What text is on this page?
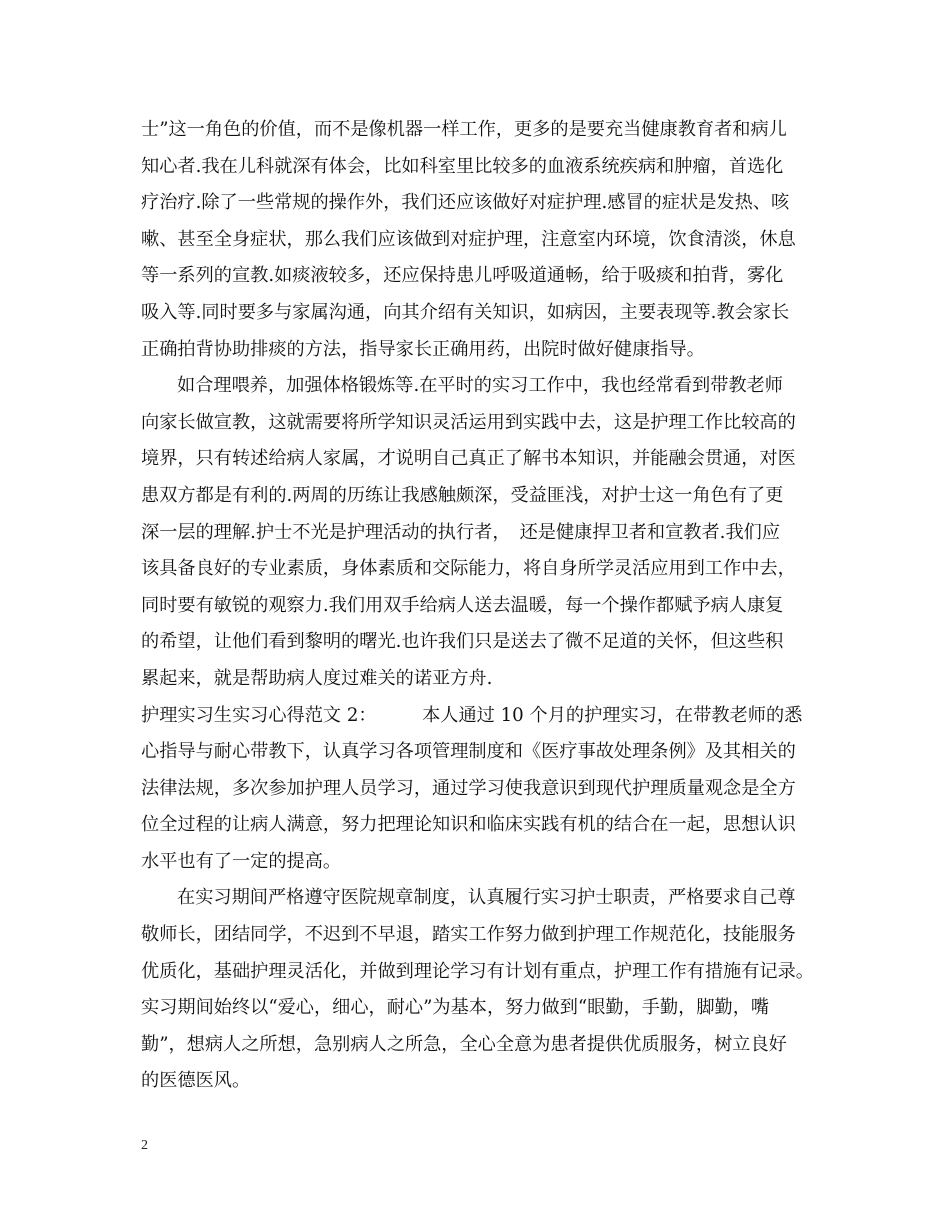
士”这一角色的价值，而不是像机器一样工作，更多的是要充当健康教育者和病儿
知心者.我在儿科就深有体会，比如科室里比较多的血液系统疾病和肿瘤，首选化
疗治疗.除了一些常规的操作外，我们还应该做好对症护理.感冒的症状是发热、咳
嗽、甚至全身症状，那么我们应该做到对症护理，注意室内环境，饮食清淡，休息
等一系列的宣教.如痰液较多，还应保持患儿呼吸道通畅，给于吸痰和拍背，雾化
吸入等.同时要多与家属沟通，向其介绍有关知识，如病因，主要表现等.教会家长
正确拍背协助排痰的方法，指导家长正确用药，出院时做好健康指导。
如合理喂养，加强体格锻炼等.在平时的实习工作中，我也经常看到带教老师
向家长做宣教，这就需要将所学知识灵活运用到实践中去，这是护理工作比较高的
境界，只有转述给病人家属，才说明自己真正了解书本知识，并能融会贯通，对医
患双方都是有利的.两周的历练让我感触颇深，受益匪浅，对护士这一角色有了更
深一层的理解.护士不光是护理活动的执行者，　还是健康捍卫者和宣教者.我们应
该具备良好的专业素质，身体素质和交际能力，将自身所学灵活应用到工作中去，
同时要有敏锐的观察力.我们用双手给病人送去温暖，每一个操作都赋予病人康复
的希望，让他们看到黎明的曙光.也许我们只是送去了微不足道的关怀，但这些积
累起来，就是帮助病人度过难关的诺亚方舟.
护理实习生实习心得范文 2：　　　本人通过 10 个月的护理实习，在带教老师的悉
心指导与耐心带教下，认真学习各项管理制度和《医疗事故处理条例》及其相关的
法律法规，多次参加护理人员学习，通过学习使我意识到现代护理质量观念是全方
位全过程的让病人满意，努力把理论知识和临床实践有机的结合在一起，思想认识
水平也有了一定的提高。
在实习期间严格遵守医院规章制度，认真履行实习护士职责，严格要求自己尊
敬师长，团结同学，不迟到不早退，踏实工作努力做到护理工作规范化，技能服务
优质化，基础护理灵活化，并做到理论学习有计划有重点，护理工作有措施有记录。
实习期间始终以“爱心，细心，耐心”为基本，努力做到“眼勤，手勤，脚勤，嘴
勤”，想病人之所想，急别病人之所急，全心全意为患者提供优质服务，树立良好
的医德医风。
2
